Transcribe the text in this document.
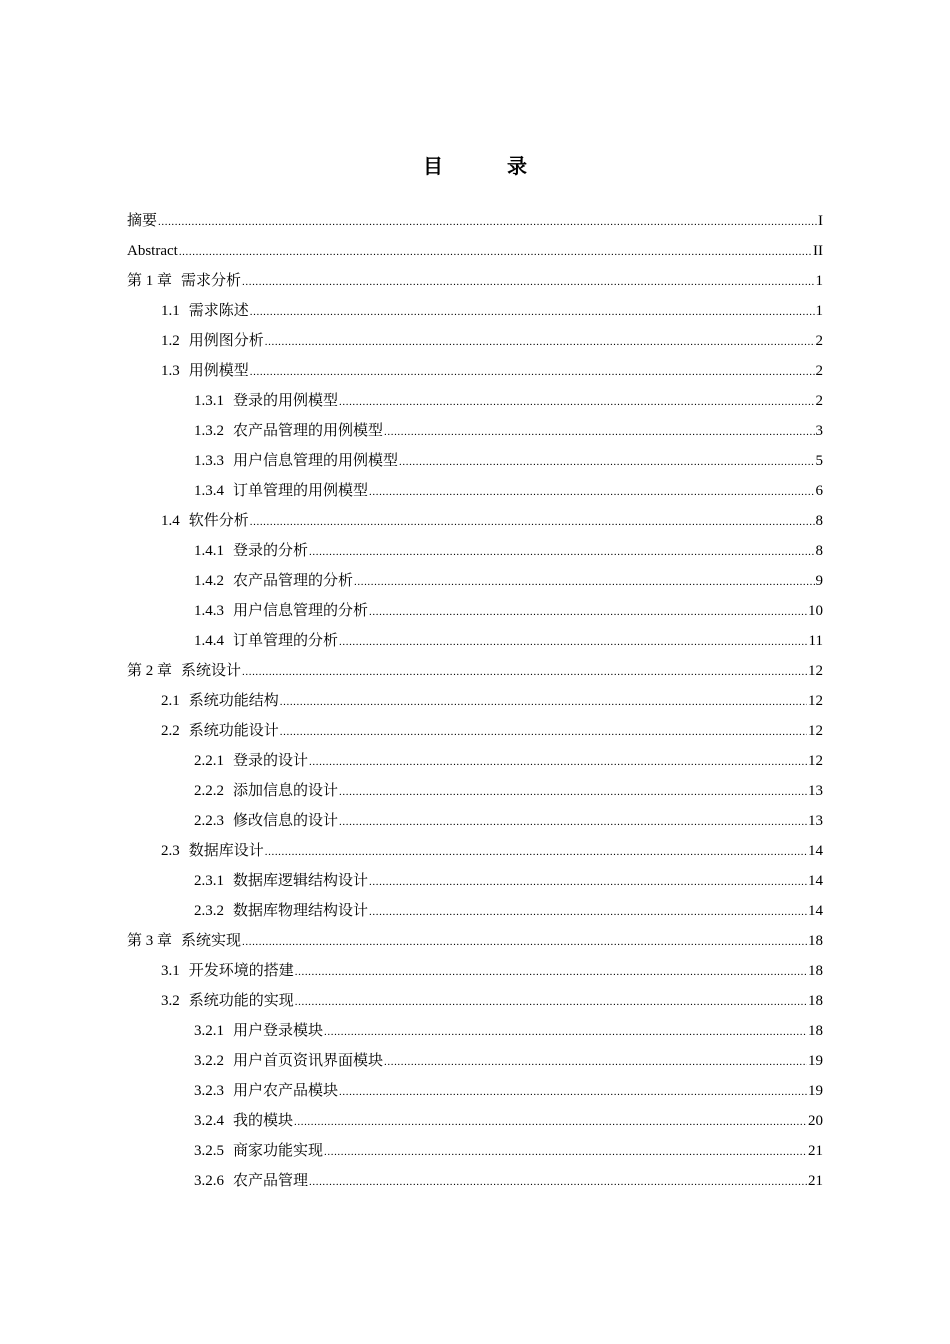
目　录
摘要 .....	I
Abstract .....	II
第 1 章 需求分析 .....	1
1.1 需求陈述 .....	1
1.2 用例图分析 .....	2
1.3 用例模型 .....	2
1.3.1 登录的用例模型 .....	2
1.3.2 农产品管理的用例模型 .....	3
1.3.3 用户信息管理的用例模型 .....	5
1.3.4 订单管理的用例模型 .....	6
1.4 软件分析 .....	8
1.4.1 登录的分析 .....	8
1.4.2 农产品管理的分析 .....	9
1.4.3 用户信息管理的分析 .....	10
1.4.4 订单管理的分析 .....	11
第 2 章 系统设计 .....	12
2.1 系统功能结构 .....	12
2.2 系统功能设计 .....	12
2.2.1 登录的设计 .....	12
2.2.2 添加信息的设计 .....	13
2.2.3 修改信息的设计 .....	13
2.3 数据库设计 .....	14
2.3.1 数据库逻辑结构设计 .....	14
2.3.2 数据库物理结构设计 .....	14
第 3 章 系统实现 .....	18
3.1 开发环境的搭建 .....	18
3.2 系统功能的实现 .....	18
3.2.1 用户登录模块 .....	18
3.2.2 用户首页资讯界面模块 .....	19
3.2.3 用户农产品模块 .....	19
3.2.4 我的模块 .....	20
3.2.5 商家功能实现 .....	21
3.2.6 农产品管理 .....	21
